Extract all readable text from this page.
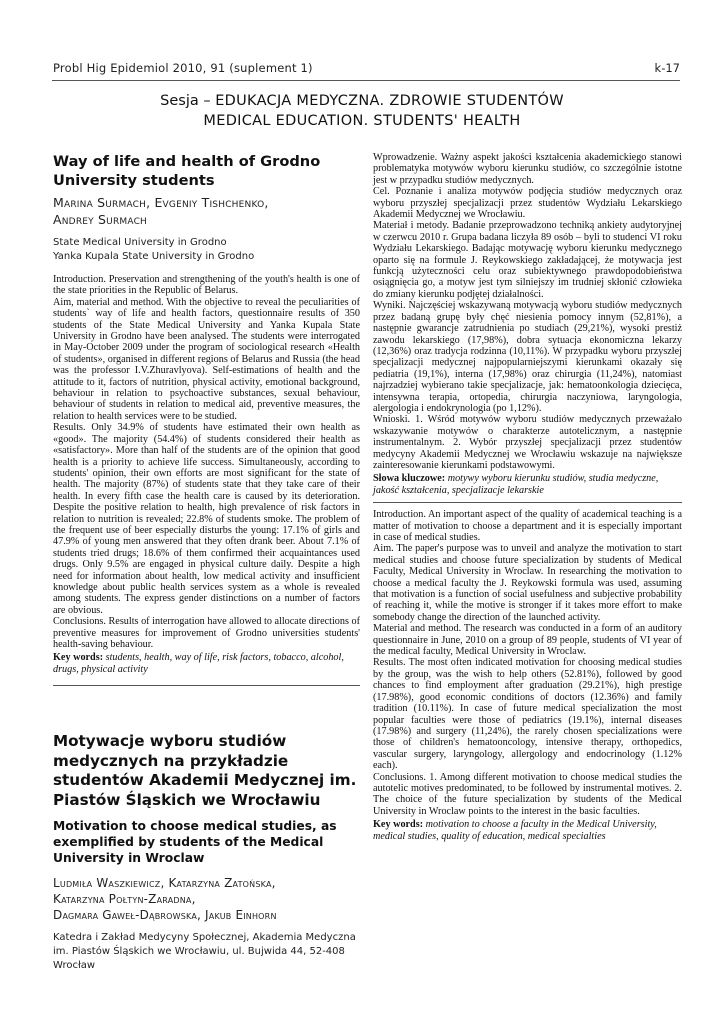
Probl Hig Epidemiol 2010, 91 (suplement 1)	k-17
Sesja – EDUKACJA MEDYCZNA. ZDROWIE STUDENTÓW
MEDICAL EDUCATION. STUDENTS' HEALTH
Way of life and health of Grodno University students
Marina Surmach, Evgeniy Tishchenko,
Andrey Surmach
State Medical University in Grodno
Yanka Kupala State University in Grodno

Introduction. Preservation and strengthening of the youth's health is one of the state priorities in the Republic of Belarus.

Aim, material and method. With the objective to reveal the peculiarities of students` way of life and health factors, questionnaire results of 350 students of the State Medical University and Yanka Kupala State University in Grodno have been analysed. The students were interrogated in May-October 2009 under the program of sociological research «Health of students», organised in different regions of Belarus and Russia (the head was the professor I.V.Zhuravlyova). Self-estimations of health and the attitude to it, factors of nutrition, physical activity, emotional background, behaviour in relation to psychoactive substances, sexual behaviour, behaviour of students in relation to medical aid, preventive measures, the relation to health services were to be studied.

Results. Only 34.9% of students have estimated their own health as «good». The majority (54.4%) of students considered their health as «satisfactory». More than half of the students are of the opinion that good health is a priority to achieve life success. Simultaneously, according to students' opinion, their own efforts are most significant for the state of health. The majority (87%) of students state that they take care of their health. In every fifth case the health care is caused by its deterioration. Despite the positive relation to health, high prevalence of risk factors in relation to nutrition is revealed; 22.8% of students smoke. The problem of the frequent use of beer especially disturbs the young: 17.1% of girls and 47.9% of young men answered that they often drank beer. About 7.1% of students tried drugs; 18.6% of them confirmed their acquaintances used drugs. Only 9.5% are engaged in physical culture daily. Despite a high need for information about health, low medical activity and insufficient knowledge about public health services system as a whole is revealed among students. The express gender distinctions on a number of factors are obvious.

Conclusions. Results of interrogation have allowed to allocate directions of preventive measures for improvement of Grodno universities students' health-saving behaviour.

Key words: students, health, way of life, risk factors, tobacco, alcohol, drugs, physical activity

Motywacje wyboru studiów medycznych na przykładzie studentów Akademii Medycznej im. Piastów Śląskich we Wrocławiu
Motivation to choose medical studies, as exemplified by students of the Medical University in Wroclaw
Ludmiła Waszkiewicz, Katarzyna Zatońska,
Katarzyna Połtyn-Zaradna,
Dagmara Gaweł-Dąbrowska, Jakub Einhorn
Katedra i Zakład Medycyny Społecznej, Akademia Medyczna
im. Piastów Śląskich we Wrocławiu, ul. Bujwida 44, 52-408 Wrocław

Wprowadzenie. Ważny aspekt jakości kształcenia akademickiego stanowi problematyka motywów wyboru kierunku studiów, co szczególnie istotne jest w przypadku studiów medycznych.

Cel. Poznanie i analiza motywów podjęcia studiów medycznych oraz wyboru przyszłej specjalizacji przez studentów Wydziału Lekarskiego Akademii Medycznej we Wrocławiu.

Materiał i metody. Badanie przeprowadzono techniką ankiety audytoryjnej w czerwcu 2010 r. Grupa badana liczyła 89 osób – byli to studenci VI roku Wydziału Lekarskiego. Badając motywację wyboru kierunku medycznego oparto się na formule J. Reykowskiego zakładającej, że motywacja jest funkcją użyteczności celu oraz subiektywnego prawdopodobieństwa osiągnięcia go, a motyw jest tym silniejszy im trudniej skłonić człowieka do zmiany kierunku podjętej działalności.

Wyniki. Najczęściej wskazywaną motywacją wyboru studiów medycznych przez badaną grupę były chęć niesienia pomocy innym (52,81%), a następnie gwarancje zatrudnienia po studiach (29,21%), wysoki prestiż zawodu lekarskiego (17,98%), dobra sytuacja ekonomiczna lekarzy (12,36%) oraz tradycja rodzinna (10,11%). W przypadku wyboru przyszłej specjalizacji medycznej najpopularniejszymi kierunkami okazały się pediatria (19,1%), interna (17,98%) oraz chirurgia (11,24%), natomiast najrzadziej wybierano takie specjalizacje, jak: hematoonkologia dziecięca, intensywna terapia, ortopedia, chirurgia naczyniowa, laryngologia, alergologia i endokrynologia (po 1,12%).

Wnioski. 1. Wśród motywów wyboru studiów medycznych przeważało wskazywanie motywów o charakterze autotelicznym, a następnie instrumentalnym. 2. Wybór przyszłej specjalizacji przez studentów medycyny Akademii Medycznej we Wrocławiu wskazuje na największe zainteresowanie kierunkami podstawowymi.

Słowa kluczowe: motywy wyboru kierunku studiów, studia medyczne, jakość kształcenia, specjalizacje lekarskie

Introduction. An important aspect of the quality of academical teaching is a matter of motivation to choose a department and it is especially important in case of medical studies.

Aim. The paper's purpose was to unveil and analyze the motivation to start medical studies and choose future specialization by students of Medical Faculty, Medical University in Wroclaw. In researching the motivation to choose a medical faculty the J. Reykowski formula was used, assuming that motivation is a function of social usefulness and subjective probability of reaching it, while the motive is stronger if it takes more effort to make somebody change the direction of the launched activity.

Material and method. The research was conducted in a form of an auditory questionnaire in June, 2010 on a group of 89 people, students of VI year of the medical faculty, Medical University in Wroclaw.

Results. The most often indicated motivation for choosing medical studies by the group, was the wish to help others (52.81%), followed by good chances to find employment after graduation (29.21%), high prestige (17.98%), good economic conditions of doctors (12.36%) and family tradition (10.11%). In case of future medical specialization the most popular faculties were those of pediatrics (19.1%), internal diseases (17.98%) and surgery (11,24%), the rarely chosen specializations were those of children's hematooncology, intensive therapy, orthopedics, vascular surgery, laryngology, allergology and endocrinology (1.12% each).

Conclusions. 1. Among different motivation to choose medical studies the autotelic motives predominated, to be followed by instrumental motives. 2. The choice of the future specialization by students of the Medical University in Wroclaw points to the interest in the basic faculties.

Key words: motivation to choose a faculty in the Medical University, medical studies, quality of education, medical specialties
